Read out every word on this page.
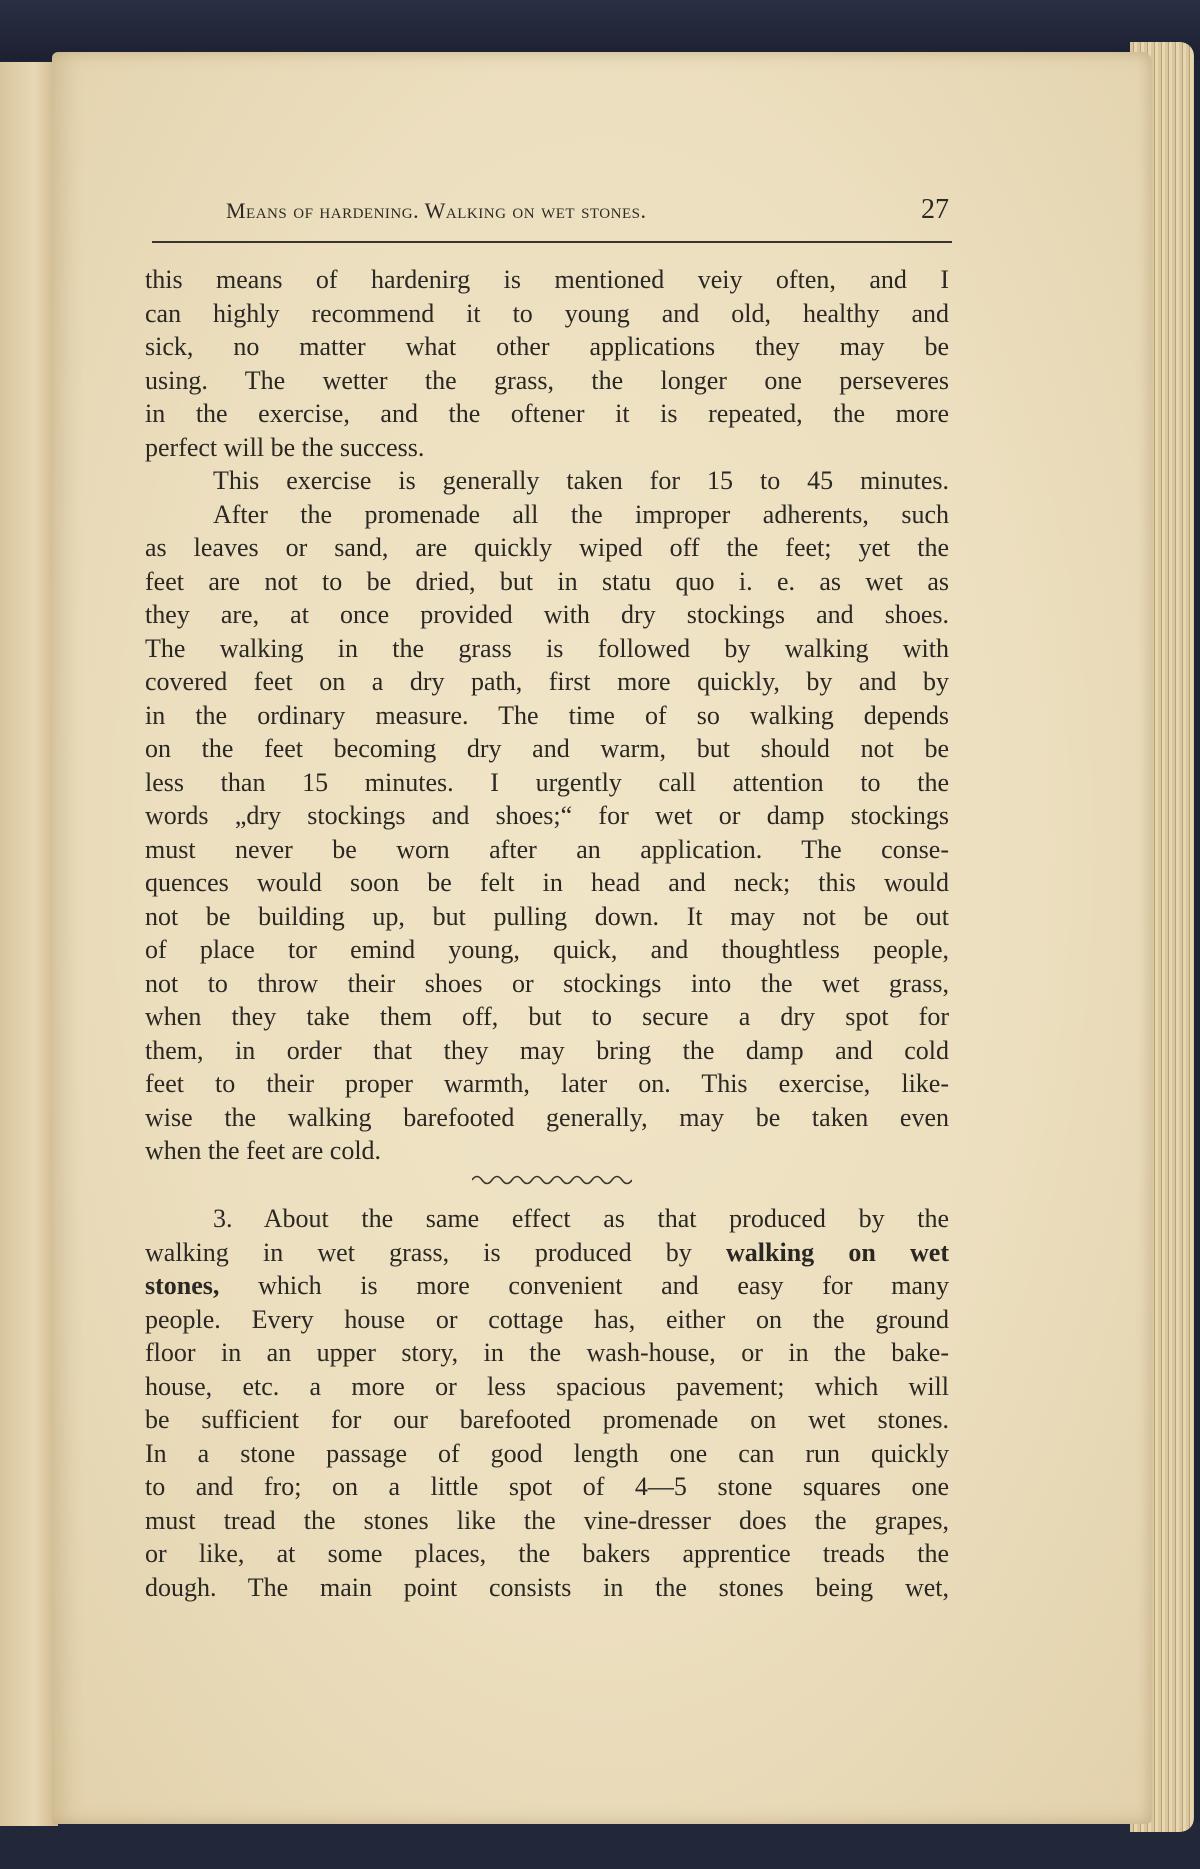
Means of hardening. Walking on wet stones.	27
this means of hardenirg is mentioned veiy often, and I
can highly recommend it to young and old, healthy and
sick, no matter what other applications they may be
using. The wetter the grass, the longer one perseveres
in the exercise, and the oftener it is repeated, the more
perfect will be the success.
This exercise is generally taken for 15 to 45 minutes.
After the promenade all the improper adherents, such
as leaves or sand, are quickly wiped off the feet; yet the
feet are not to be dried, but in statu quo i. e. as wet as
they are, at once provided with dry stockings and shoes.
The walking in the grass is followed by walking with
covered feet on a dry path, first more quickly, by and by
in the ordinary measure. The time of so walking depends
on the feet becoming dry and warm, but should not be
less than 15 minutes. I urgently call attention to the
words „dry stockings and shoes;“ for wet or damp stockings
must never be worn after an application. The conse-
quences would soon be felt in head and neck; this would
not be building up, but pulling down. It may not be out
of place tor emind young, quick, and thoughtless people,
not to throw their shoes or stockings into the wet grass,
when they take them off, but to secure a dry spot for
them, in order that they may bring the damp and cold
feet to their proper warmth, later on. This exercise, like-
wise the walking barefooted generally, may be taken even
when the feet are cold.
3. About the same effect as that produced by the
walking in wet grass, is produced by walking on wet
stones, which is more convenient and easy for many
people. Every house or cottage has, either on the ground
floor in an upper story, in the wash-house, or in the bake-
house, etc. a more or less spacious pavement; which will
be sufficient for our barefooted promenade on wet stones.
In a stone passage of good length one can run quickly
to and fro; on a little spot of 4—5 stone squares one
must tread the stones like the vine-dresser does the grapes,
or like, at some places, the bakers apprentice treads the
dough. The main point consists in the stones being wet,
